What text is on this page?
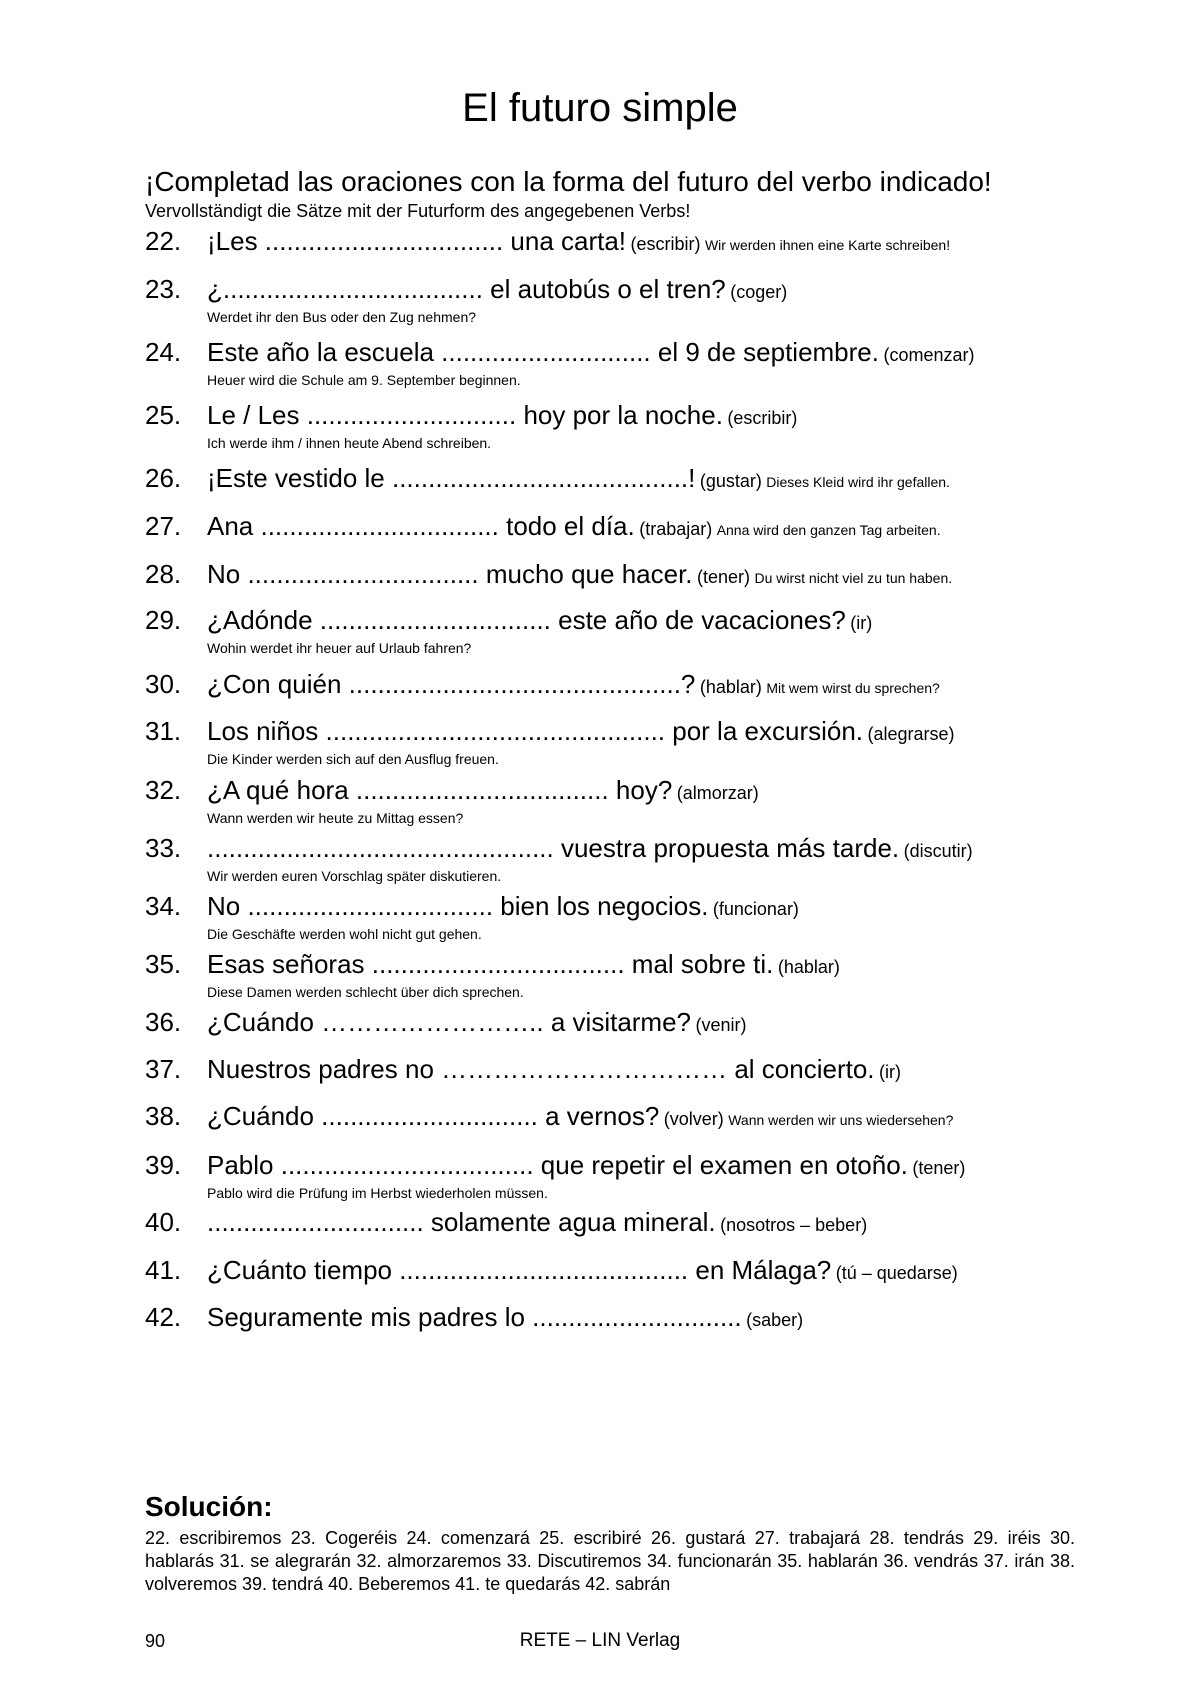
El futuro simple
¡Completad las oraciones con la forma del futuro del verbo indicado!
Vervollständigt die Sätze mit der Futurform des angegebenen Verbs!
22. ¡Les ................................. una carta! (escribir) Wir werden ihnen eine Karte schreiben!
23. ¿.................................... el autobús o el tren? (coger)
Werdet ihr den Bus oder den Zug nehmen?
24. Este año la escuela ............................. el 9 de septiembre. (comenzar)
Heuer wird die Schule am 9. September beginnen.
25. Le / Les ............................. hoy por la noche. (escribir)
Ich werde ihm / ihnen heute Abend schreiben.
26. ¡Este vestido le .........................................! (gustar) Dieses Kleid wird ihr gefallen.
27. Ana ................................. todo el día. (trabajar) Anna wird den ganzen Tag arbeiten.
28. No ................................ mucho que hacer. (tener) Du wirst nicht viel zu tun haben.
29. ¿Adónde ................................ este año de vacaciones? (ir)
Wohin werdet ihr heuer auf Urlaub fahren?
30. ¿Con quién ..............................................? (hablar) Mit wem wirst du sprechen?
31. Los niños ............................................... por la excursión. (alegrarse)
Die Kinder werden sich auf den Ausflug freuen.
32. ¿A qué hora ................................... hoy? (almorzar)
Wann werden wir heute zu Mittag essen?
33. ................................................ vuestra propuesta más tarde. (discutir)
Wir werden euren Vorschlag später diskutieren.
34. No .................................. bien los negocios. (funcionar)
Die Geschäfte werden wohl nicht gut gehen.
35. Esas señoras ................................... mal sobre ti. (hablar)
Diese Damen werden schlecht über dich sprechen.
36. ¿Cuándo …………………….. a visitarme? (venir)
37. Nuestros padres no …………………………… al concierto. (ir)
38. ¿Cuándo .............................. a vernos? (volver) Wann werden wir uns wiedersehen?
39. Pablo ................................... que repetir el examen en otoño. (tener)
Pablo wird die Prüfung im Herbst wiederholen müssen.
40. .............................. solamente agua mineral. (nosotros – beber)
41. ¿Cuánto tiempo ........................................ en Málaga? (tú – quedarse)
42. Seguramente mis padres lo ............................. (saber)
Solución:
22. escribiremos 23. Cogeréis 24. comenzará 25. escribiré 26. gustará 27. trabajará 28. tendrás 29. iréis 30. hablarás 31. se alegrarán 32. almorzaremos 33. Discutiremos 34. funcionarán 35. hablarán 36. vendrás 37. irán 38. volveremos 39. tendrá 40. Beberemos 41. te quedarás 42. sabrán
90	RETE – LIN Verlag
